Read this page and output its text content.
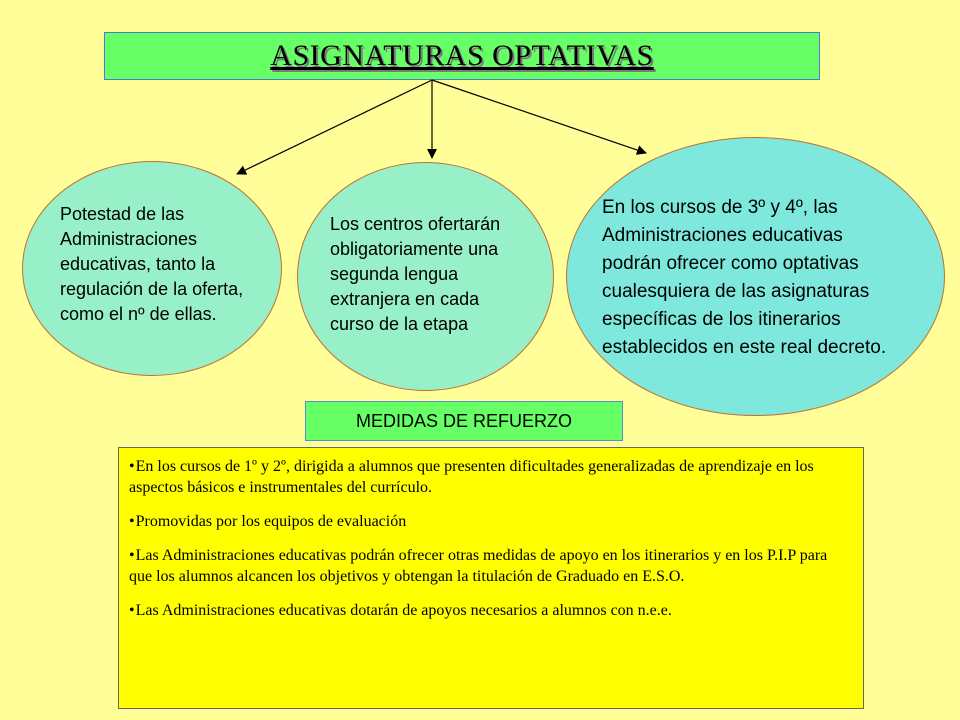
ASIGNATURAS OPTATIVAS
Potestad de las
Administraciones
educativas, tanto la
regulación de la oferta,
como el nº de ellas.
Los centros ofertarán
obligatoriamente una
segunda lengua
extranjera en cada
curso de la etapa
En los cursos de 3º y 4º, las
Administraciones educativas
podrán ofrecer como optativas
cualesquiera de las asignaturas
específicas de los itinerarios
establecidos en este real decreto.
MEDIDAS DE REFUERZO
•En los cursos de 1º y 2º, dirigida a alumnos que presenten dificultades generalizadas de aprendizaje en los aspectos básicos e instrumentales del currículo.
•Promovidas por los equipos de evaluación
•Las Administraciones educativas podrán ofrecer otras medidas de apoyo en los itinerarios y en los P.I.P para que los alumnos alcancen los objetivos y obtengan la titulación de Graduado en E.S.O.
•Las Administraciones educativas dotarán de apoyos necesarios a alumnos con n.e.e.
